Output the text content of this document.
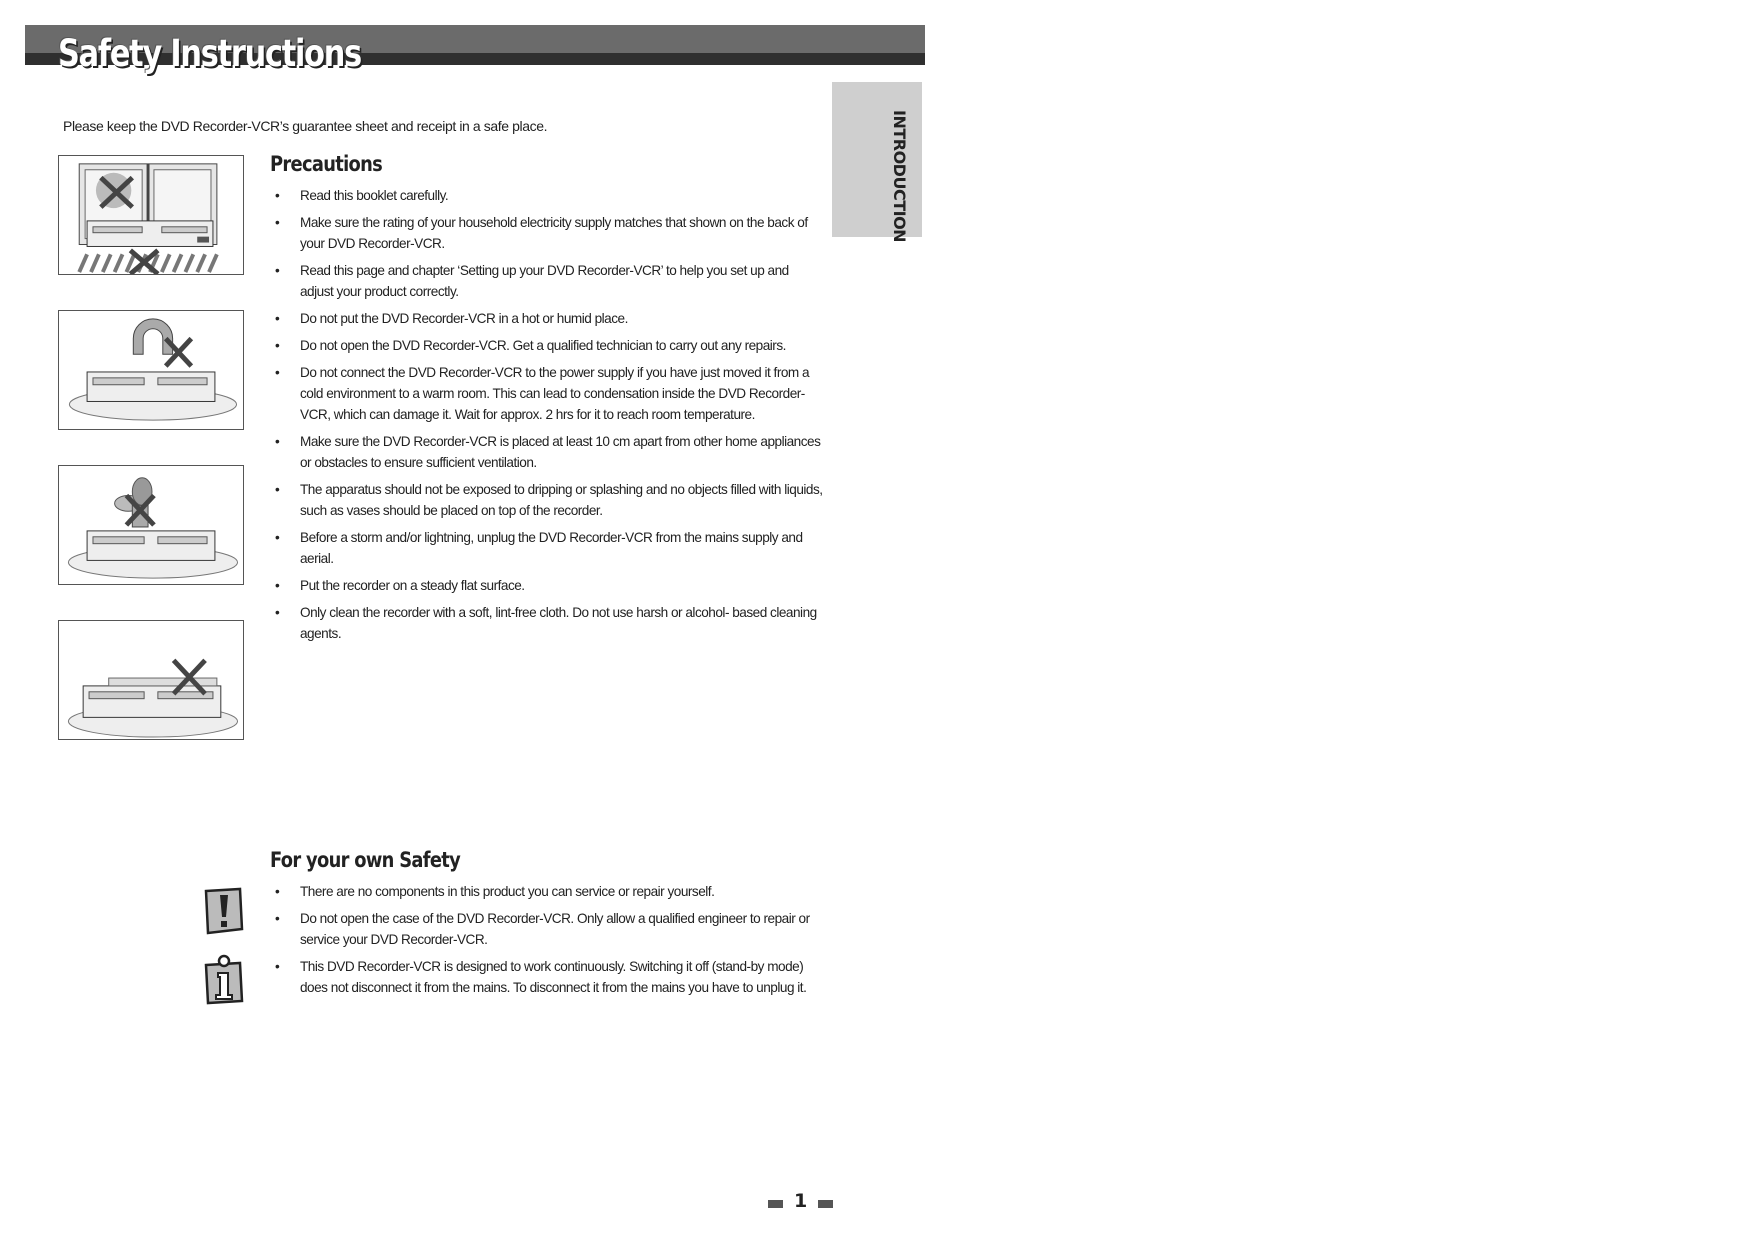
Safety Instructions
INTRODUCTION
Please keep the DVD Recorder-VCR’s guarantee sheet and receipt in a safe place.
Precautions
• Read this booklet carefully.
• Make sure the rating of your household electricity supply matches that shown on the back of your DVD Recorder-VCR.
• Read this page and chapter ‘Setting up your DVD Recorder-VCR’ to help you set up and adjust your product correctly.
• Do not put the DVD Recorder-VCR in a hot or humid place.
• Do not open the DVD Recorder-VCR. Get a qualified technician to carry out any repairs.
• Do not connect the DVD Recorder-VCR to the power supply if you have just moved it from a cold environment to a warm room. This can lead to condensation inside the DVD Recorder-VCR, which can damage it. Wait for approx. 2 hrs for it to reach room temperature.
• Make sure the DVD Recorder-VCR is placed at least 10 cm apart from other home appliances or obstacles to ensure sufficient ventilation.
• The apparatus should not be exposed to dripping or splashing and no objects filled with liquids, such as vases should be placed on top of the recorder.
• Before a storm and/or lightning, unplug the DVD Recorder-VCR from the mains supply and aerial.
• Put the recorder on a steady flat surface.
• Only clean the recorder with a soft, lint-free cloth. Do not use harsh or alcohol- based cleaning agents.
For your own Safety
• There are no components in this product you can service or repair yourself.
• Do not open the case of the DVD Recorder-VCR. Only allow a qualified engineer to repair or service your DVD Recorder-VCR.
• This DVD Recorder-VCR is designed to work continuously. Switching it off (stand-by mode) does not disconnect it from the mains. To disconnect it from the mains you have to unplug it.
1
